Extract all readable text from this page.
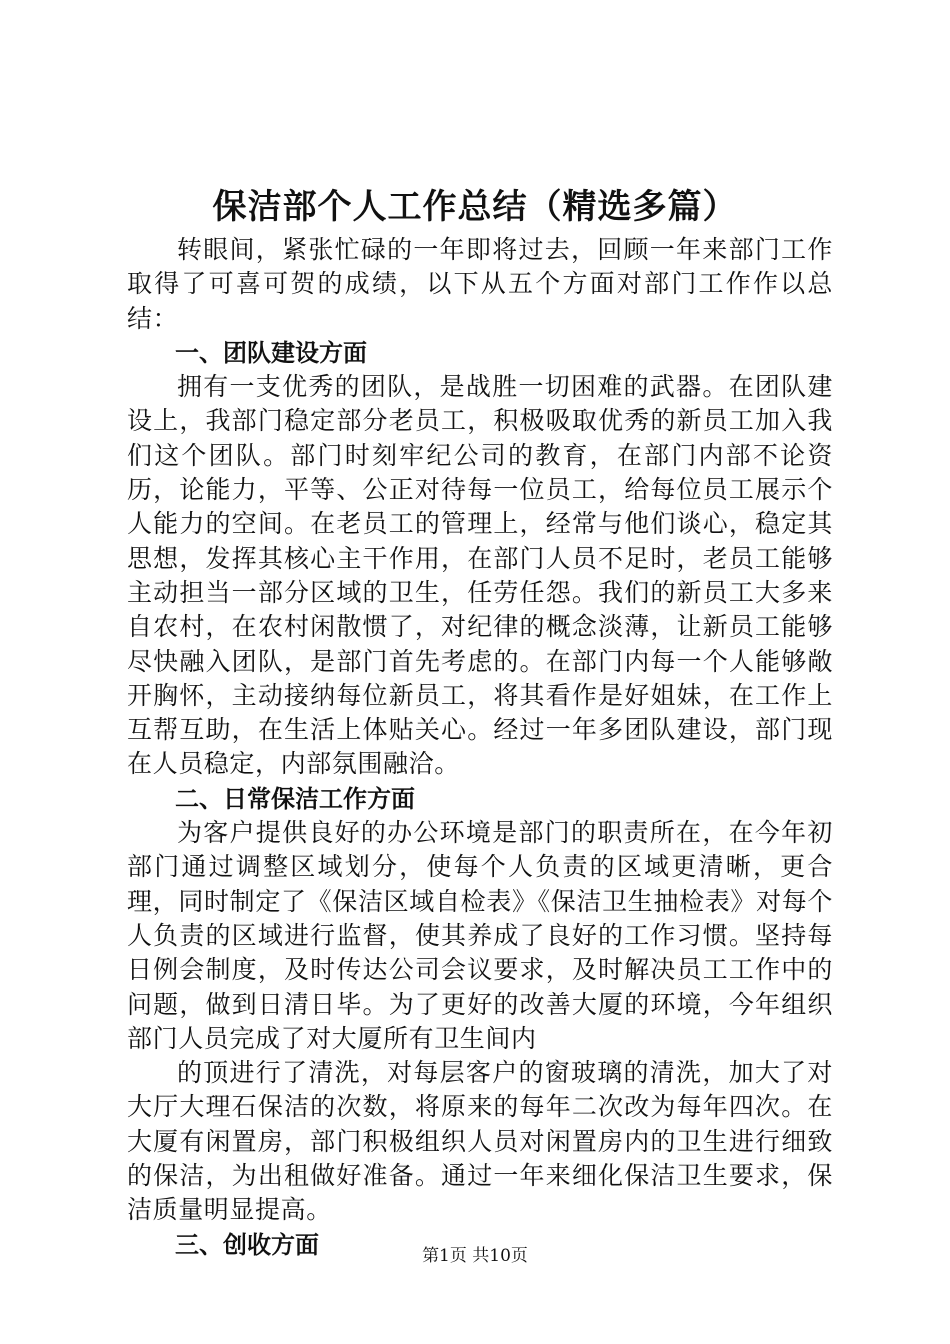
保洁部个人工作总结（精选多篇）

转眼间，紧张忙碌的一年即将过去，回顾一年来部门工作取得了可喜可贺的成绩，以下从五个方面对部门工作作以总结：

一、团队建设方面

拥有一支优秀的团队，是战胜一切困难的武器。在团队建设上，我部门稳定部分老员工，积极吸取优秀的新员工加入我们这个团队。部门时刻牢纪公司的教育，在部门内部不论资历，论能力，平等、公正对待每一位员工，给每位员工展示个人能力的空间。在老员工的管理上，经常与他们谈心，稳定其思想，发挥其核心主干作用，在部门人员不足时，老员工能够主动担当一部分区域的卫生，任劳任怨。我们的新员工大多来自农村，在农村闲散惯了，对纪律的概念淡薄，让新员工能够尽快融入团队，是部门首先考虑的。在部门内每一个人能够敞开胸怀，主动接纳每位新员工，将其看作是好姐妹，在工作上互帮互助，在生活上体贴关心。经过一年多团队建设，部门现在人员稳定，内部氛围融洽。

二、日常保洁工作方面

为客户提供良好的办公环境是部门的职责所在，在今年初部门通过调整区域划分，使每个人负责的区域更清晰，更合理，同时制定了《保洁区域自检表》《保洁卫生抽检表》对每个人负责的区域进行监督，使其养成了良好的工作习惯。坚持每日例会制度，及时传达公司会议要求，及时解决员工工作中的问题，做到日清日毕。为了更好的改善大厦的环境，今年组织部门人员完成了对大厦所有卫生间内

的顶进行了清洗，对每层客户的窗玻璃的清洗，加大了对大厅大理石保洁的次数，将原来的每年二次改为每年四次。在大厦有闲置房，部门积极组织人员对闲置房内的卫生进行细致的保洁，为出租做好准备。通过一年来细化保洁卫生要求，保洁质量明显提高。

三、创收方面	第1页 共10页
